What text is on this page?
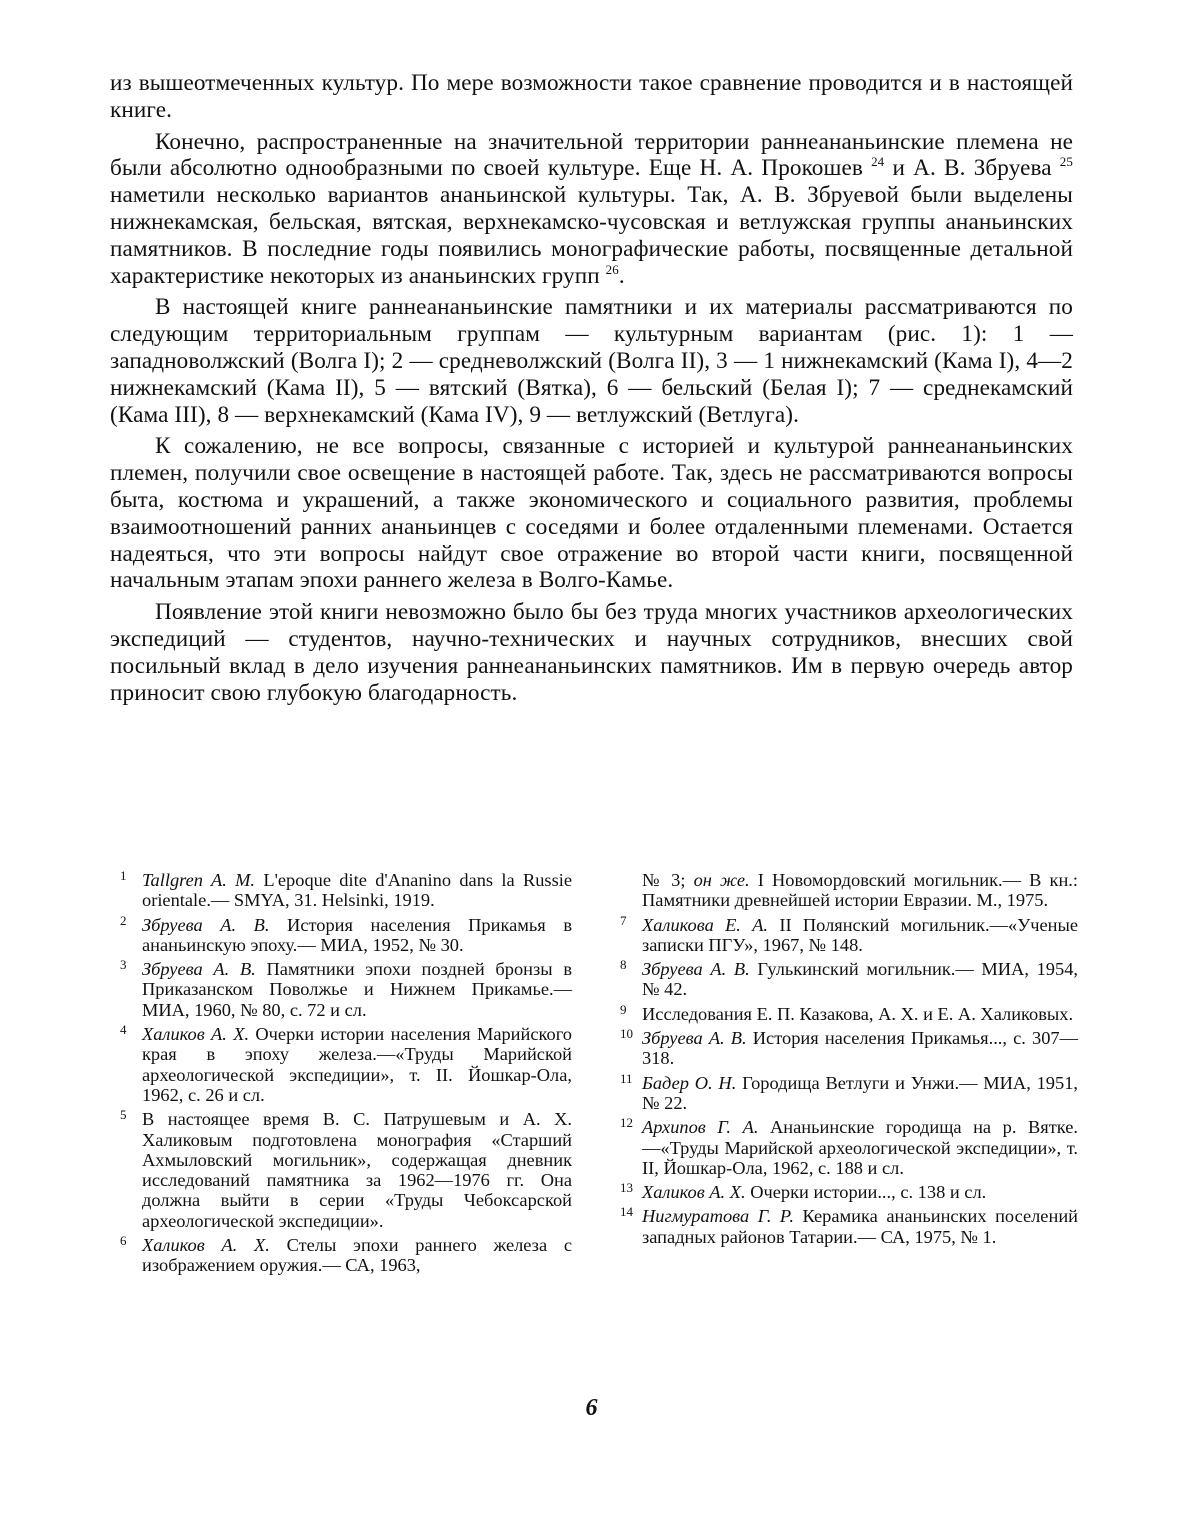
из вышеотмеченных культур. По мере возможности такое сравнение проводится и в настоящей книге.

Конечно, распространенные на значительной территории раннеананьинские племена не были абсолютно однообразными по своей культуре. Еще Н. А. Прокошев $^{24}$ и А. В. Збруева $^{25}$ наметили несколько вариантов ананьинской культуры. Так, А. В. Збруевой были выделены нижнекамская, бельская, вятская, верхнекамско-чусовская и ветлужская группы ананьинских памятников. В последние годы появились монографические работы, посвященные детальной характеристике некоторых из ананьинских групп $^{26}$.

В настоящей книге раннеананьинские памятники и их материалы рассматриваются по следующим территориальным группам — культурным вариантам (рис. 1): 1 — западноволжский (Волга I); 2 — средневолжский (Волга II), 3 — 1 нижнекамский (Кама I), 4—2 нижнекамский (Кама II), 5 — вятский (Вятка), 6 — бельский (Белая I); 7 — среднекамский (Кама III), 8 — верхнекамский (Кама IV), 9 — ветлужский (Ветлуга).

К сожалению, не все вопросы, связанные с историей и культурой раннеананьинских племен, получили свое освещение в настоящей работе. Так, здесь не рассматриваются вопросы быта, костюма и украшений, а также экономического и социального развития, проблемы взаимоотношений ранних ананьинцев с соседями и более отдаленными племенами. Остается надеяться, что эти вопросы найдут свое отражение во второй части книги, посвященной начальным этапам эпохи раннего железа в Волго-Камье.

Появление этой книги невозможно было бы без труда многих участников археологических экспедиций — студентов, научно-технических и научных сотрудников, внесших свой посильный вклад в дело изучения раннеананьинских памятников. Им в первую очередь автор приносит свою глубокую благодарность.

1 Tallgren A. M. L'epoque dite d'Ananino dans la Russie orientale.— SMYA, 31. Helsinki, 1919.

2 Збруева А. В. История населения Прикамья в ананьинскую эпоху.— МИА, 1952, № 30.

3 Збруева А. В. Памятники эпохи поздней бронзы в Приказанском Поволжье и Нижнем Прикамье.— МИА, 1960, № 80, с. 72 и сл.

4 Халиков А. Х. Очерки истории населения Марийского края в эпоху железа.—«Труды Марийской археологической экспедиции», т. II. Йошкар-Ола, 1962, с. 26 и сл.

5 В настоящее время В. С. Патрушевым и А. Х. Халиковым подготовлена монография «Старший Ахмыловский могильник», содержащая дневник исследований памятника за 1962—1976 гг. Она должна выйти в серии «Труды Чебоксарской археологической экспедиции».

6 Халиков А. Х. Стелы эпохи раннего железа с изображением оружия.— СА, 1963,

№ 3; он же. I Новомордовский могильник.— В кн.: Памятники древнейшей истории Евразии. М., 1975.

7 Халикова Е. А. II Полянский могильник.—«Ученые записки ПГУ», 1967, № 148.

8 Збруева А. В. Гулькинский могильник.— МИА, 1954, № 42.

9 Исследования Е. П. Казакова, А. Х. и Е. А. Халиковых.

10 Збруева А. В. История населения Прикамья..., с. 307—318.

11 Бадер О. Н. Городища Ветлуги и Унжи.— МИА, 1951, № 22.

12 Архипов Г. А. Ананьинские городища на р. Вятке.—«Труды Марийской археологической экспедиции», т. II, Йошкар-Ола, 1962, с. 188 и сл.

13 Халиков А. Х. Очерки истории..., с. 138 и сл.

14 Нигмуратова Г. Р. Керамика ананьинских поселений западных районов Татарии.— СА, 1975, № 1.

6
